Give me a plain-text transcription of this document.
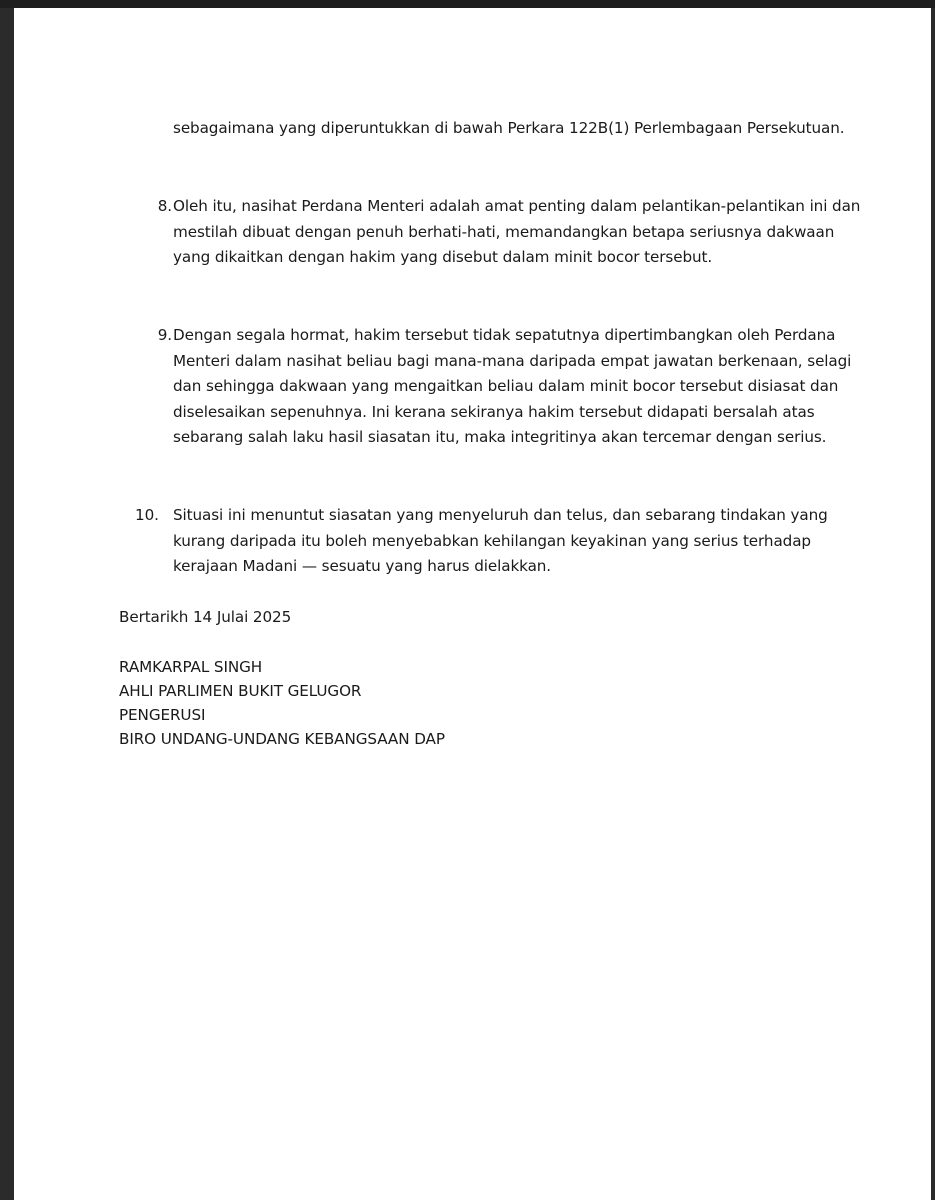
sebagaimana yang diperuntukkan di bawah Perkara 122B(1) Perlembagaan Persekutuan.
8. Oleh itu, nasihat Perdana Menteri adalah amat penting dalam pelantikan-pelantikan ini dan mestilah dibuat dengan penuh berhati-hati, memandangkan betapa seriusnya dakwaan yang dikaitkan dengan hakim yang disebut dalam minit bocor tersebut.
9. Dengan segala hormat, hakim tersebut tidak sepatutnya dipertimbangkan oleh Perdana Menteri dalam nasihat beliau bagi mana-mana daripada empat jawatan berkenaan, selagi dan sehingga dakwaan yang mengaitkan beliau dalam minit bocor tersebut disiasat dan diselesaikan sepenuhnya. Ini kerana sekiranya hakim tersebut didapati bersalah atas sebarang salah laku hasil siasatan itu, maka integritinya akan tercemar dengan serius.
10. Situasi ini menuntut siasatan yang menyeluruh dan telus, dan sebarang tindakan yang kurang daripada itu boleh menyebabkan kehilangan keyakinan yang serius terhadap kerajaan Madani — sesuatu yang harus dielakkan.
Bertarikh 14 Julai 2025
RAMKARPAL SINGH
AHLI PARLIMEN BUKIT GELUGOR
PENGERUSI
BIRO UNDANG-UNDANG KEBANGSAAN DAP
